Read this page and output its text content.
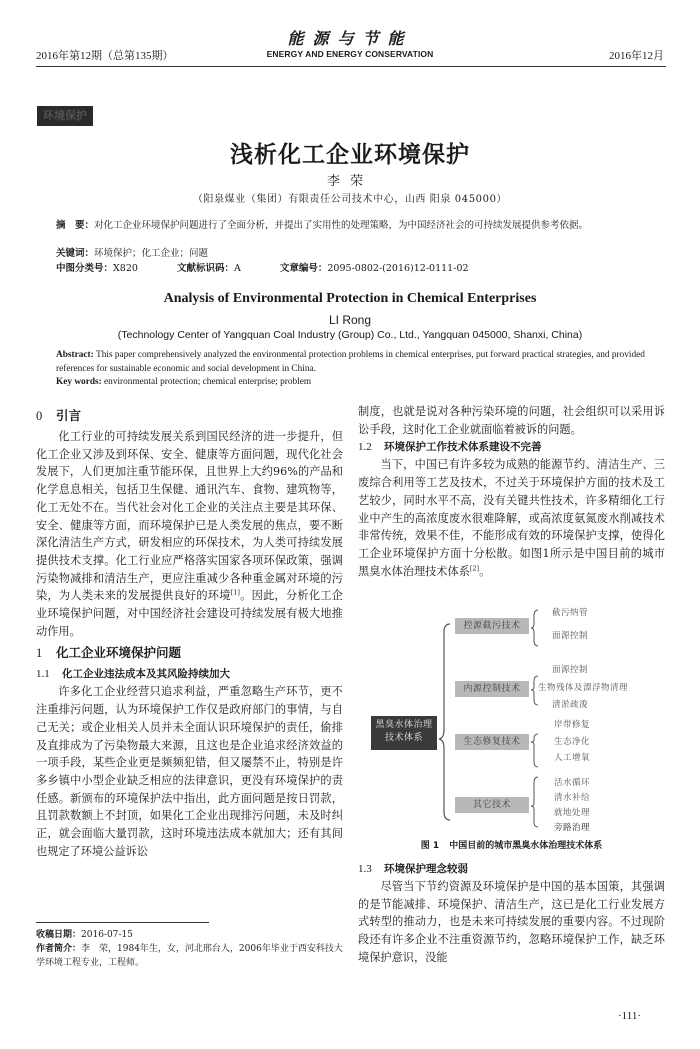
2016年第12期（总第135期）
能源与节能
ENERGY AND ENERGY CONSERVATION	2016年12月
环境保护
浅析化工企业环境保护
李荣
（阳泉煤业（集团）有限责任公司技术中心，山西 阳泉 045000）
摘　要：对化工企业环境保护问题进行了全面分析，并提出了实用性的处理策略，为中国经济社会的可持续发展提供参考依据。
关键词：环境保护；化工企业；问题
中图分类号：X820	文献标识码：A	文章编号：2095-0802-(2016)12-0111-02
Analysis of Environmental Protection in Chemical Enterprises
LI Rong
(Technology Center of Yangquan Coal Industry (Group) Co., Ltd., Yangquan 045000, Shanxi, China)
Abstract: This paper comprehensively analyzed the environmental protection problems in chemical enterprises, put forward practical strategies, and provided references for sustainable economic and social development in China.
Key words: environmental protection; chemical enterprise; problem
0 引言

化工行业的可持续发展关系到国民经济的进一步提升，但化工企业又涉及到环保、安全、健康等方面问题，现代化社会发展下，人们更加注重节能环保，且世界上大约96%的产品和化学息息相关，包括卫生保健、通讯汽车、食物、建筑物等，化工无处不在。当代社会对化工企业的关注点主要是其环保、安全、健康等方面，而环境保护已是人类发展的焦点，要不断深化清洁生产方式，研发相应的环保技术，为人类可持续发展提供技术支撑。化工行业应严格落实国家各项环保政策，强调污染物减排和清洁生产，更应注重减少各种重金属对环境的污染，为人类未来的发展提供良好的环境[1]。因此，分析化工企业环境保护问题，对中国经济社会建设可持续发展有极大地推动作用。

1 化工企业环境保护问题
1.1 化工企业违法成本及其风险持续加大

许多化工企业经营只追求利益，严重忽略生产环节，更不注重排污问题，认为环境保护工作仅是政府部门的事情，与自己无关；或企业相关人员并未全面认识环境保护的责任，偷排及直排成为了污染物最大来源，且这也是企业追求经济效益的一项手段，某些企业更是频频犯错，但又屡禁不止，特别是许多乡镇中小型企业缺乏相应的法律意识，更没有环境保护的责任感。新颁布的环境保护法中指出，此方面问题是按日罚款，且罚款数额上不封顶，如果化工企业出现排污问题，未及时纠正，就会面临大量罚款，这时环境违法成本就加大；还有其间也规定了环境公益诉讼

收稿日期：2016-07-15
作者简介：李　荣，1984年生，女，河北邢台人，2006年毕业于西安科技大学环境工程专业，工程师。

制度，也就是说对各种污染环境的问题，社会组织可以采用诉讼手段，这时化工企业就面临着被诉的问题。

1.2 环境保护工作技术体系建设不完善

当下，中国已有许多较为成熟的能源节约、清洁生产、三废综合利用等工艺及技术，不过关于环境保护方面的技术及工艺较少，同时水平不高，没有关键共性技术，许多精细化工行业中产生的高浓度废水很难降解，或高浓度氨氮废水削减技术非常传统，效果不佳，不能形成有效的环境保护支撑，使得化工企业环境保护方面十分松散。如图1所示是中国目前的城市黑臭水体治理技术体系[2]。

黑臭水体治理
技术体系
控源截污技术
截污纳管
面源控制
内源控制技术
面源控制
生物残体及漂浮物清理
清淤疏浚
生态修复技术
岸带修复
生态净化
人工增氧
其它技术
活水循环
清水补给
就地处理
旁路治理
图 1 中国目前的城市黑臭水体治理技术体系
1.3 环境保护理念较弱

尽管当下节约资源及环境保护是中国的基本国策，其强调的是节能减排、环境保护、清洁生产，这已是化工行业发展方式转型的推动力，也是未来可持续发展的重要内容。不过现阶段还有许多企业不注重资源节约，忽略环境保护工作，缺乏环境保护意识，没能

·111·
